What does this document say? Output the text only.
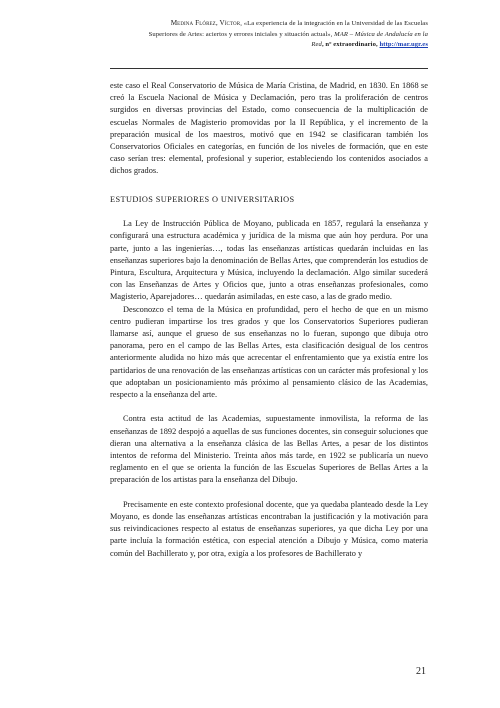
Medina Flórez, Víctor, «La experiencia de la integración en la Universidad de las Escuelas
Superiores de Artes: aciertos y errores iniciales y situación actual», MAR – Música de Andalucía en la
Red, nº extraordinario, http://mar.ugr.es

este caso el Real Conservatorio de Música de María Cristina, de Madrid, en 1830. En 1868 se creó la Escuela Nacional de Música y Declamación, pero tras la proliferación de centros surgidos en diversas provincias del Estado, como consecuencia de la multiplicación de escuelas Normales de Magisterio promovidas por la II República, y el incremento de la preparación musical de los maestros, motivó que en 1942 se clasificaran también los Conservatorios Oficiales en categorías, en función de los niveles de formación, que en este caso serían tres: elemental, profesional y superior, estableciendo los contenidos asociados a dichos grados.

ESTUDIOS SUPERIORES O UNIVERSITARIOS

La Ley de Instrucción Pública de Moyano, publicada en 1857, regulará la enseñanza y configurará una estructura académica y jurídica de la misma que aún hoy perdura. Por una parte, junto a las ingenierías…, todas las enseñanzas artísticas quedarán incluidas en las enseñanzas superiores bajo la denominación de Bellas Artes, que comprenderán los estudios de Pintura, Escultura, Arquitectura y Música, incluyendo la declamación. Algo similar sucederá con las Enseñanzas de Artes y Oficios que, junto a otras enseñanzas profesionales, como Magisterio, Aparejadores… quedarán asimiladas, en este caso, a las de grado medio.

Desconozco el tema de la Música en profundidad, pero el hecho de que en un mismo centro pudieran impartirse los tres grados y que los Conservatorios Superiores pudieran llamarse así, aunque el grueso de sus enseñanzas no lo fueran, supongo que dibuja otro panorama, pero en el campo de las Bellas Artes, esta clasificación desigual de los centros anteriormente aludida no hizo más que acrecentar el enfrentamiento que ya existía entre los partidarios de una renovación de las enseñanzas artísticas con un carácter más profesional y los que adoptaban un posicionamiento más próximo al pensamiento clásico de las Academias, respecto a la enseñanza del arte.

Contra esta actitud de las Academias, supuestamente inmovilista, la reforma de las enseñanzas de 1892 despojó a aquellas de sus funciones docentes, sin conseguir soluciones que dieran una alternativa a la enseñanza clásica de las Bellas Artes, a pesar de los distintos intentos de reforma del Ministerio. Treinta años más tarde, en 1922 se publicaría un nuevo reglamento en el que se orienta la función de las Escuelas Superiores de Bellas Artes a la preparación de los artistas para la enseñanza del Dibujo.

Precisamente en este contexto profesional docente, que ya quedaba planteado desde la Ley Moyano, es donde las enseñanzas artísticas encontraban la justificación y la motivación para sus reivindicaciones respecto al estatus de enseñanzas superiores, ya que dicha Ley por una parte incluía la formación estética, con especial atención a Dibujo y Música, como materia común del Bachillerato y, por otra, exigía a los profesores de Bachillerato y

21
